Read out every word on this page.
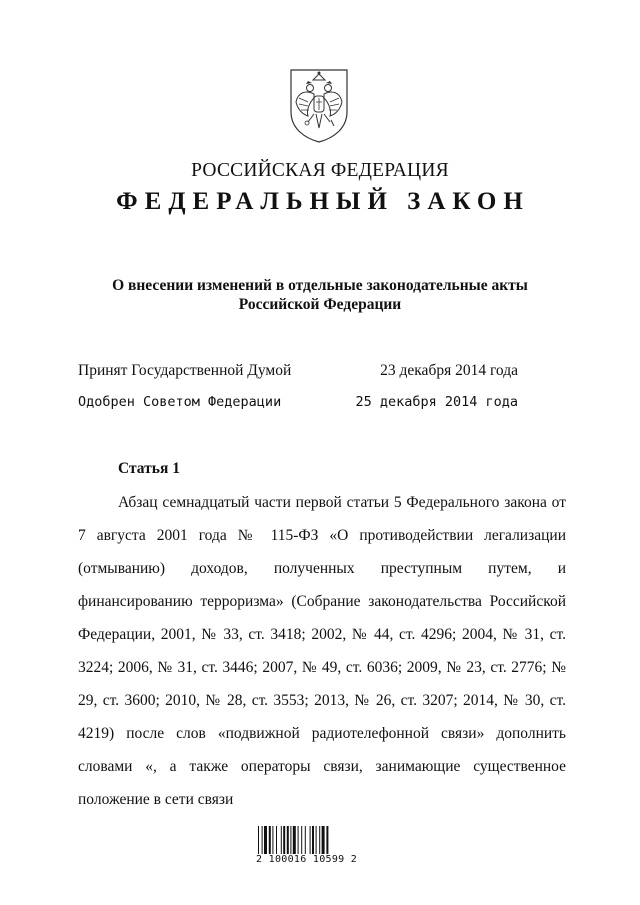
РОССИЙСКАЯ ФЕДЕРАЦИЯ
ФЕДЕРАЛЬНЫЙ ЗАКОН
О внесении изменений в отдельные законодательные акты
Российской Федерации
Принят Государственной Думой	23 декабря 2014 года
Одобрен Советом Федерации	25 декабря 2014 года
Статья 1

Абзац семнадцатый части первой статьи 5 Федерального закона от 7 августа 2001 года № 115-ФЗ «О противодействии легализации (отмыванию) доходов, полученных преступным путем, и финансированию терроризма» (Собрание законодательства Российской Федерации, 2001, № 33, ст. 3418; 2002, № 44, ст. 4296; 2004, № 31, ст. 3224; 2006, № 31, ст. 3446; 2007, № 49, ст. 6036; 2009, № 23, ст. 2776; № 29, ст. 3600; 2010, № 28, ст. 3553; 2013, № 26, ст. 3207; 2014, № 30, ст. 4219) после слов «подвижной радиотелефонной связи» дополнить словами «, а также операторы связи, занимающие существенное положение в сети связи

2 100016 10599 2
